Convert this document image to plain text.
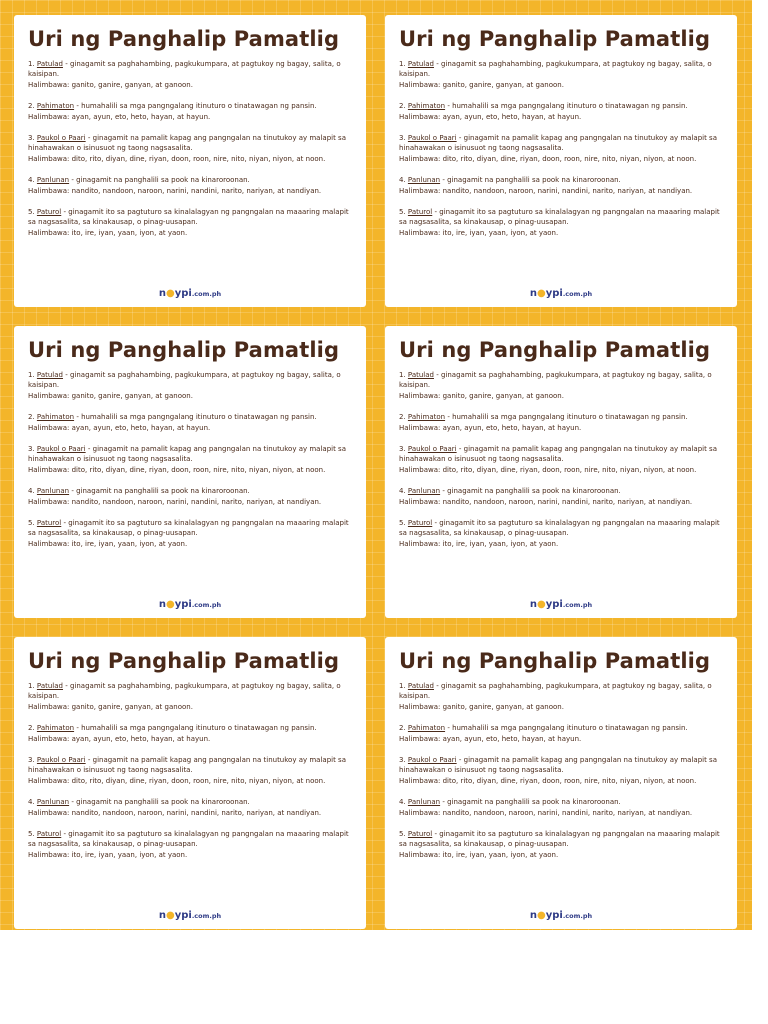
Uri ng Panghalip Pamatlig

1. Patulad - ginagamit sa paghahambing, pagkukumpara, at pagtukoy ng bagay, salita, o kaisipan.

Halimbawa: ganito, ganire, ganyan, at ganoon.

2. Pahimaton - humahalili sa mga pangngalang itinuturo o tinatawagan ng pansin.

Halimbawa: ayan, ayun, eto, heto, hayan, at hayun.

3. Paukol o Paari - ginagamit na pamalit kapag ang pangngalan na tinutukoy ay malapit sa hinahawakan o isinusuot ng taong nagsasalita.

Halimbawa: dito, rito, diyan, dine, riyan, doon, roon, nire, nito, niyan, niyon, at noon.

4. Panlunan - ginagamit na panghalili sa pook na kinaroroonan.

Halimbawa: nandito, nandoon, naroon, narini, nandini, narito, nariyan, at nandiyan.

5. Paturol - ginagamit ito sa pagtuturo sa kinalalagyan ng pangngalan na maaaring malapit sa nagsasalita, sa kinakausap, o pinag-uusapan.

Halimbawa: ito, ire, iyan, yaan, iyon, at yaon.

n●ypi.com.ph
Uri ng Panghalip Pamatlig

1. Patulad - ginagamit sa paghahambing, pagkukumpara, at pagtukoy ng bagay, salita, o kaisipan.

Halimbawa: ganito, ganire, ganyan, at ganoon.

2. Pahimaton - humahalili sa mga pangngalang itinuturo o tinatawagan ng pansin.

Halimbawa: ayan, ayun, eto, heto, hayan, at hayun.

3. Paukol o Paari - ginagamit na pamalit kapag ang pangngalan na tinutukoy ay malapit sa hinahawakan o isinusuot ng taong nagsasalita.

Halimbawa: dito, rito, diyan, dine, riyan, doon, roon, nire, nito, niyan, niyon, at noon.

4. Panlunan - ginagamit na panghalili sa pook na kinaroroonan.

Halimbawa: nandito, nandoon, naroon, narini, nandini, narito, nariyan, at nandiyan.

5. Paturol - ginagamit ito sa pagtuturo sa kinalalagyan ng pangngalan na maaaring malapit sa nagsasalita, sa kinakausap, o pinag-uusapan.

Halimbawa: ito, ire, iyan, yaan, iyon, at yaon.

n●ypi.com.ph
Uri ng Panghalip Pamatlig

1. Patulad - ginagamit sa paghahambing, pagkukumpara, at pagtukoy ng bagay, salita, o kaisipan.

Halimbawa: ganito, ganire, ganyan, at ganoon.

2. Pahimaton - humahalili sa mga pangngalang itinuturo o tinatawagan ng pansin.

Halimbawa: ayan, ayun, eto, heto, hayan, at hayun.

3. Paukol o Paari - ginagamit na pamalit kapag ang pangngalan na tinutukoy ay malapit sa hinahawakan o isinusuot ng taong nagsasalita.

Halimbawa: dito, rito, diyan, dine, riyan, doon, roon, nire, nito, niyan, niyon, at noon.

4. Panlunan - ginagamit na panghalili sa pook na kinaroroonan.

Halimbawa: nandito, nandoon, naroon, narini, nandini, narito, nariyan, at nandiyan.

5. Paturol - ginagamit ito sa pagtuturo sa kinalalagyan ng pangngalan na maaaring malapit sa nagsasalita, sa kinakausap, o pinag-uusapan.

Halimbawa: ito, ire, iyan, yaan, iyon, at yaon.

n●ypi.com.ph
Uri ng Panghalip Pamatlig

1. Patulad - ginagamit sa paghahambing, pagkukumpara, at pagtukoy ng bagay, salita, o kaisipan.

Halimbawa: ganito, ganire, ganyan, at ganoon.

2. Pahimaton - humahalili sa mga pangngalang itinuturo o tinatawagan ng pansin.

Halimbawa: ayan, ayun, eto, heto, hayan, at hayun.

3. Paukol o Paari - ginagamit na pamalit kapag ang pangngalan na tinutukoy ay malapit sa hinahawakan o isinusuot ng taong nagsasalita.

Halimbawa: dito, rito, diyan, dine, riyan, doon, roon, nire, nito, niyan, niyon, at noon.

4. Panlunan - ginagamit na panghalili sa pook na kinaroroonan.

Halimbawa: nandito, nandoon, naroon, narini, nandini, narito, nariyan, at nandiyan.

5. Paturol - ginagamit ito sa pagtuturo sa kinalalagyan ng pangngalan na maaaring malapit sa nagsasalita, sa kinakausap, o pinag-uusapan.

Halimbawa: ito, ire, iyan, yaan, iyon, at yaon.

n●ypi.com.ph
Uri ng Panghalip Pamatlig

1. Patulad - ginagamit sa paghahambing, pagkukumpara, at pagtukoy ng bagay, salita, o kaisipan.

Halimbawa: ganito, ganire, ganyan, at ganoon.

2. Pahimaton - humahalili sa mga pangngalang itinuturo o tinatawagan ng pansin.

Halimbawa: ayan, ayun, eto, heto, hayan, at hayun.

3. Paukol o Paari - ginagamit na pamalit kapag ang pangngalan na tinutukoy ay malapit sa hinahawakan o isinusuot ng taong nagsasalita.

Halimbawa: dito, rito, diyan, dine, riyan, doon, roon, nire, nito, niyan, niyon, at noon.

4. Panlunan - ginagamit na panghalili sa pook na kinaroroonan.

Halimbawa: nandito, nandoon, naroon, narini, nandini, narito, nariyan, at nandiyan.

5. Paturol - ginagamit ito sa pagtuturo sa kinalalagyan ng pangngalan na maaaring malapit sa nagsasalita, sa kinakausap, o pinag-uusapan.

Halimbawa: ito, ire, iyan, yaan, iyon, at yaon.

n●ypi.com.ph
Uri ng Panghalip Pamatlig

1. Patulad - ginagamit sa paghahambing, pagkukumpara, at pagtukoy ng bagay, salita, o kaisipan.

Halimbawa: ganito, ganire, ganyan, at ganoon.

2. Pahimaton - humahalili sa mga pangngalang itinuturo o tinatawagan ng pansin.

Halimbawa: ayan, ayun, eto, heto, hayan, at hayun.

3. Paukol o Paari - ginagamit na pamalit kapag ang pangngalan na tinutukoy ay malapit sa hinahawakan o isinusuot ng taong nagsasalita.

Halimbawa: dito, rito, diyan, dine, riyan, doon, roon, nire, nito, niyan, niyon, at noon.

4. Panlunan - ginagamit na panghalili sa pook na kinaroroonan.

Halimbawa: nandito, nandoon, naroon, narini, nandini, narito, nariyan, at nandiyan.

5. Paturol - ginagamit ito sa pagtuturo sa kinalalagyan ng pangngalan na maaaring malapit sa nagsasalita, sa kinakausap, o pinag-uusapan.

Halimbawa: ito, ire, iyan, yaan, iyon, at yaon.

n●ypi.com.ph
